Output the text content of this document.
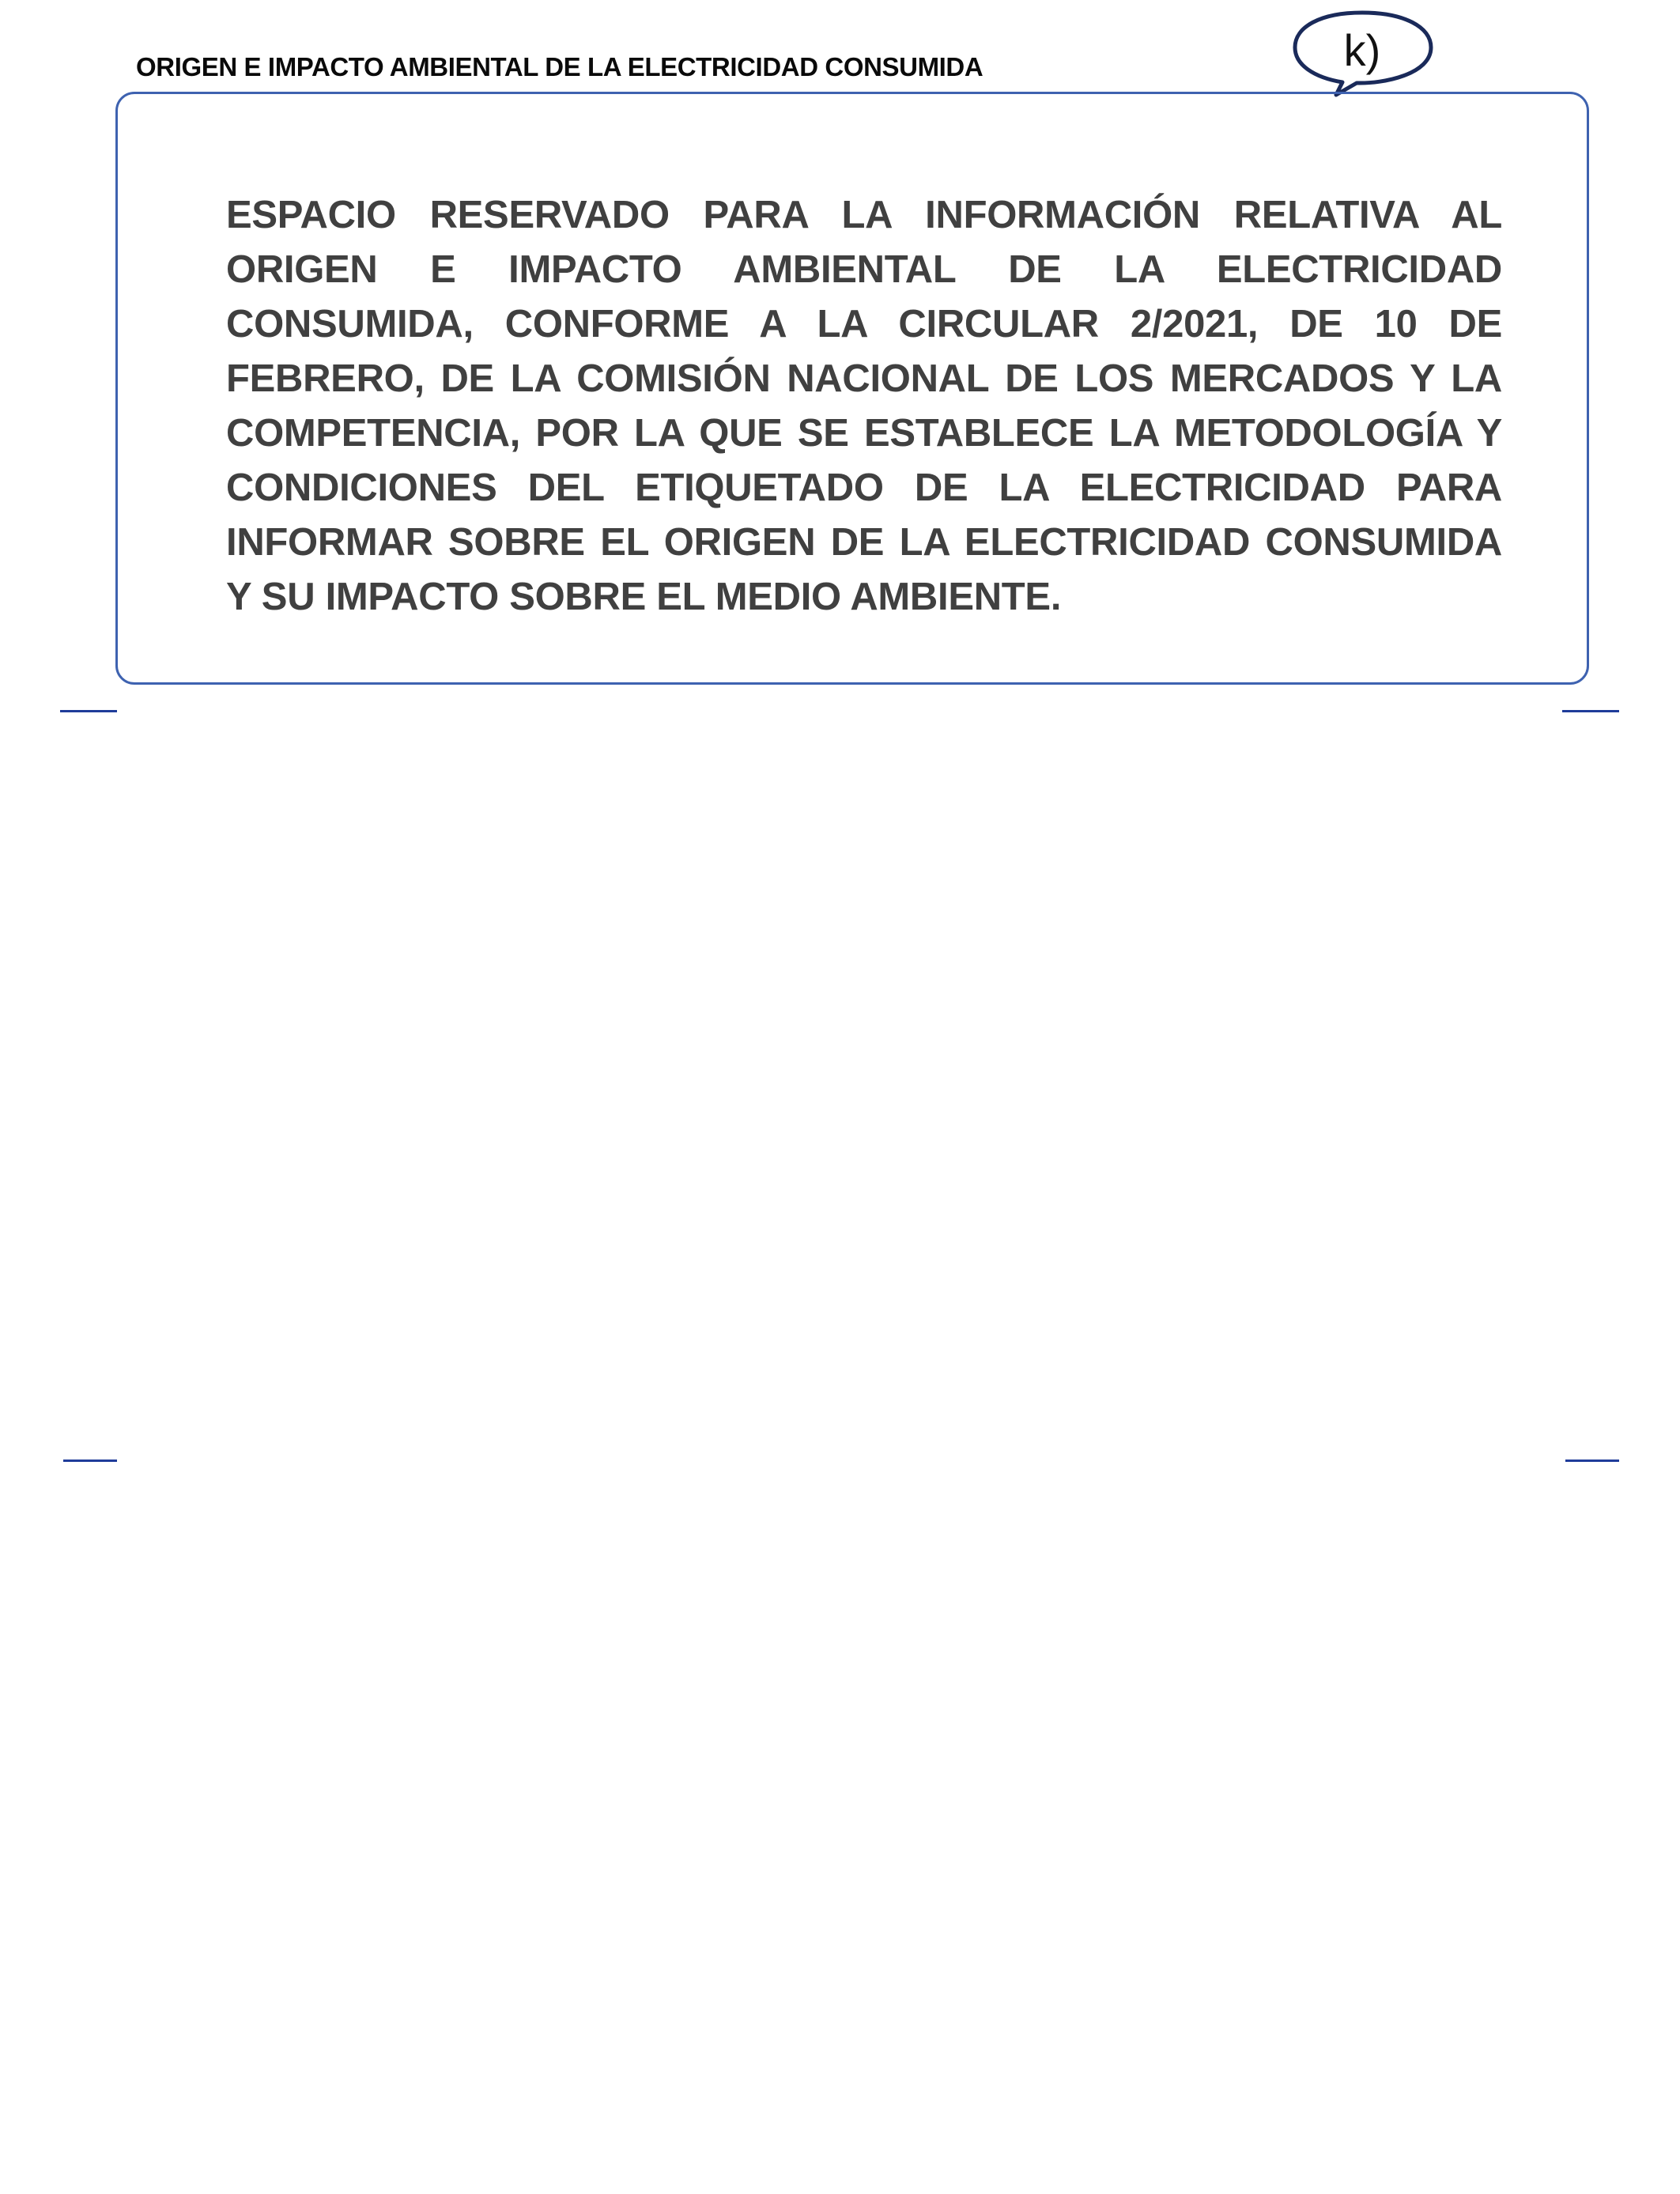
ORIGEN E IMPACTO AMBIENTAL DE LA ELECTRICIDAD CONSUMIDA	k)

ESPACIO RESERVADO PARA LA INFORMACIÓN RELATIVA AL ORIGEN E IMPACTO AMBIENTAL DE LA ELECTRICIDAD CONSUMIDA, CONFORME A LA CIRCULAR 2/2021, DE 10 DE FEBRERO, DE LA COMISIÓN NACIONAL DE LOS MERCADOS Y LA COMPETENCIA, POR LA QUE SE ESTABLECE LA METODOLOGÍA Y CONDICIONES DEL ETIQUETADO DE LA ELECTRICIDAD PARA INFORMAR SOBRE EL ORIGEN DE LA ELECTRICIDAD CONSUMIDA Y SU IMPACTO SOBRE EL MEDIO AMBIENTE.
